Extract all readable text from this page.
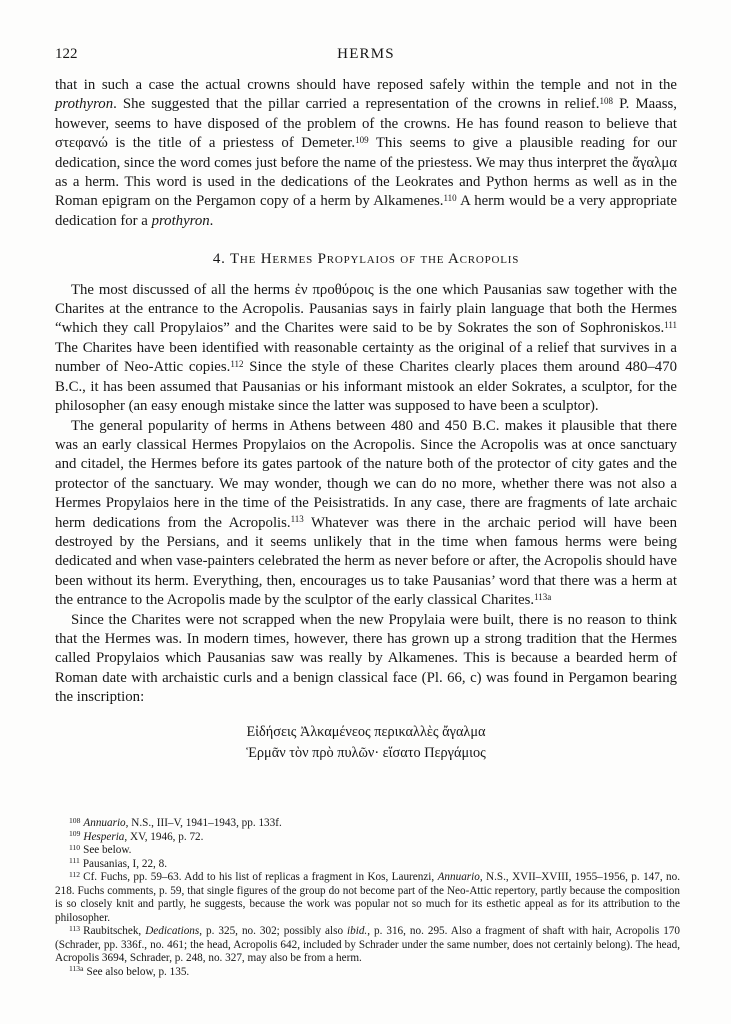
122	HERMS

that in such a case the actual crowns should have reposed safely within the temple and not in the prothyron. She suggested that the pillar carried a representation of the crowns in relief.$^{108}$ P. Maass, however, seems to have disposed of the problem of the crowns. He has found reason to believe that στεφανώ is the title of a priestess of Demeter.$^{109}$ This seems to give a plausible reading for our dedication, since the word comes just before the name of the priestess. We may thus interpret the ἄγαλμα as a herm. This word is used in the dedications of the Leokrates and Python herms as well as in the Roman epigram on the Pergamon copy of a herm by Alkamenes.$^{110}$ A herm would be a very appropriate dedication for a prothyron.

4. The Hermes Propylaios of the Acropolis

The most discussed of all the herms ἐν προθύροις is the one which Pausanias saw together with the Charites at the entrance to the Acropolis. Pausanias says in fairly plain language that both the Hermes “which they call Propylaios” and the Charites were said to be by Sokrates the son of Sophroniskos.$^{111}$ The Charites have been identified with reasonable certainty as the original of a relief that survives in a number of Neo-Attic copies.$^{112}$ Since the style of these Charites clearly places them around 480–470 B.C., it has been assumed that Pausanias or his informant mistook an elder Sokrates, a sculptor, for the philosopher (an easy enough mistake since the latter was supposed to have been a sculptor).

The general popularity of herms in Athens between 480 and 450 B.C. makes it plausible that there was an early classical Hermes Propylaios on the Acropolis. Since the Acropolis was at once sanctuary and citadel, the Hermes before its gates partook of the nature both of the protector of city gates and the protector of the sanctuary. We may wonder, though we can do no more, whether there was not also a Hermes Propylaios here in the time of the Peisistratids. In any case, there are fragments of late archaic herm dedications from the Acropolis.$^{113}$ Whatever was there in the archaic period will have been destroyed by the Persians, and it seems unlikely that in the time when famous herms were being dedicated and when vase-painters celebrated the herm as never before or after, the Acropolis should have been without its herm. Everything, then, encourages us to take Pausanias’ word that there was a herm at the entrance to the Acropolis made by the sculptor of the early classical Charites.$^{113a}$

Since the Charites were not scrapped when the new Propylaia were built, there is no reason to think that the Hermes was. In modern times, however, there has grown up a strong tradition that the Hermes called Propylaios which Pausanias saw was really by Alkamenes. This is because a bearded herm of Roman date with archaistic curls and a benign classical face (Pl. 66, c) was found in Pergamon bearing the inscription:

Εἰδήσεις Ἀλκαμένεος περικαλλὲς ἄγαλμα
Ἑρμᾶν τὸν πρὸ πυλῶν· εἵσατο Περγάμιος

$^{108}$ Annuario, N.S., III–V, 1941–1943, pp. 133f.

$^{109}$ Hesperia, XV, 1946, p. 72.

$^{110}$ See below.

$^{111}$ Pausanias, I, 22, 8.

$^{112}$ Cf. Fuchs, pp. 59–63. Add to his list of replicas a fragment in Kos, Laurenzi, Annuario, N.S., XVII–XVIII, 1955–1956, p. 147, no. 218. Fuchs comments, p. 59, that single figures of the group do not become part of the Neo-Attic repertory, partly because the composition is so closely knit and partly, he suggests, because the work was popular not so much for its esthetic appeal as for its attribution to the philosopher.

$^{113}$ Raubitschek, Dedications, p. 325, no. 302; possibly also ibid., p. 316, no. 295. Also a fragment of shaft with hair, Acropolis 170 (Schrader, pp. 336f., no. 461; the head, Acropolis 642, included by Schrader under the same number, does not certainly belong). The head, Acropolis 3694, Schrader, p. 248, no. 327, may also be from a herm.

$^{113a}$ See also below, p. 135.
